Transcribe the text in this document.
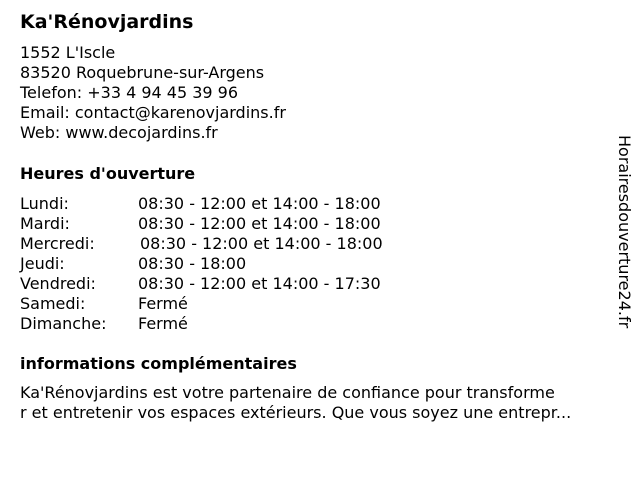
Ka'Rénovjardins
1552 L'Iscle
83520 Roquebrune-sur-Argens
Telefon: +33 4 94 45 39 96
Email: contact@karenovjardins.fr
Web: www.decojardins.fr
Heures d'ouverture
Lundi:	08:30 - 12:00 et 14:00 - 18:00
Mardi:	08:30 - 12:00 et 14:00 - 18:00
Mercredi:	08:30 - 12:00 et 14:00 - 18:00
Jeudi:	08:30 - 18:00
Vendredi:	08:30 - 12:00 et 14:00 - 17:30
Samedi:	Fermé
Dimanche: Fermé
informations complémentaires
Ka'Rénovjardins est votre partenaire de confiance pour transforme
r et entretenir vos espaces extérieurs. Que vous soyez une entrepr...
Horairesdouverture24.fr
